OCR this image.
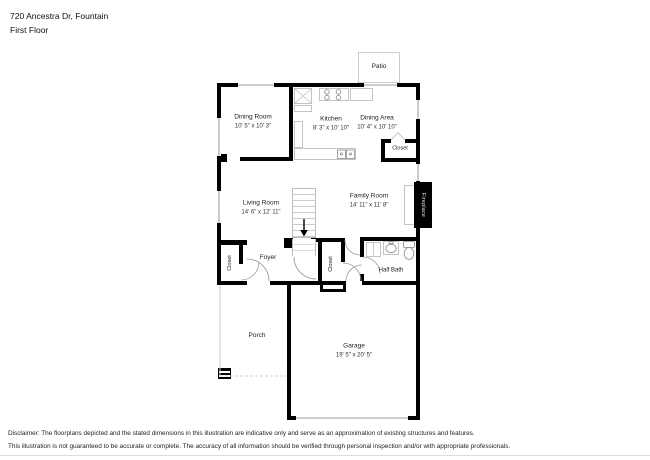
720 Ancestra Dr, Fountain
First Floor
Fireplace
Patio
Dining Room
10' 5" x 10' 3"
Kitchen
8' 3" x 10' 10"
Dining Area
10' 4" x 10' 10"
Closet
Living Room
14' 6" x 12' 11"
Family Room
14' 11" x 11' 8"
Closet	Foyer	Closet	Half Bath
Porch
Garage
19' 5" x 20' 5"
Disclaimer: The floorplans depicted and the stated dimensions in this illustration are indicative only and serve as an approximation of existing structures and features.
This illustration is not guaranteed to be accurate or complete. The accuracy of all information should be verified through personal inspection and/or with appropriate professionals.
